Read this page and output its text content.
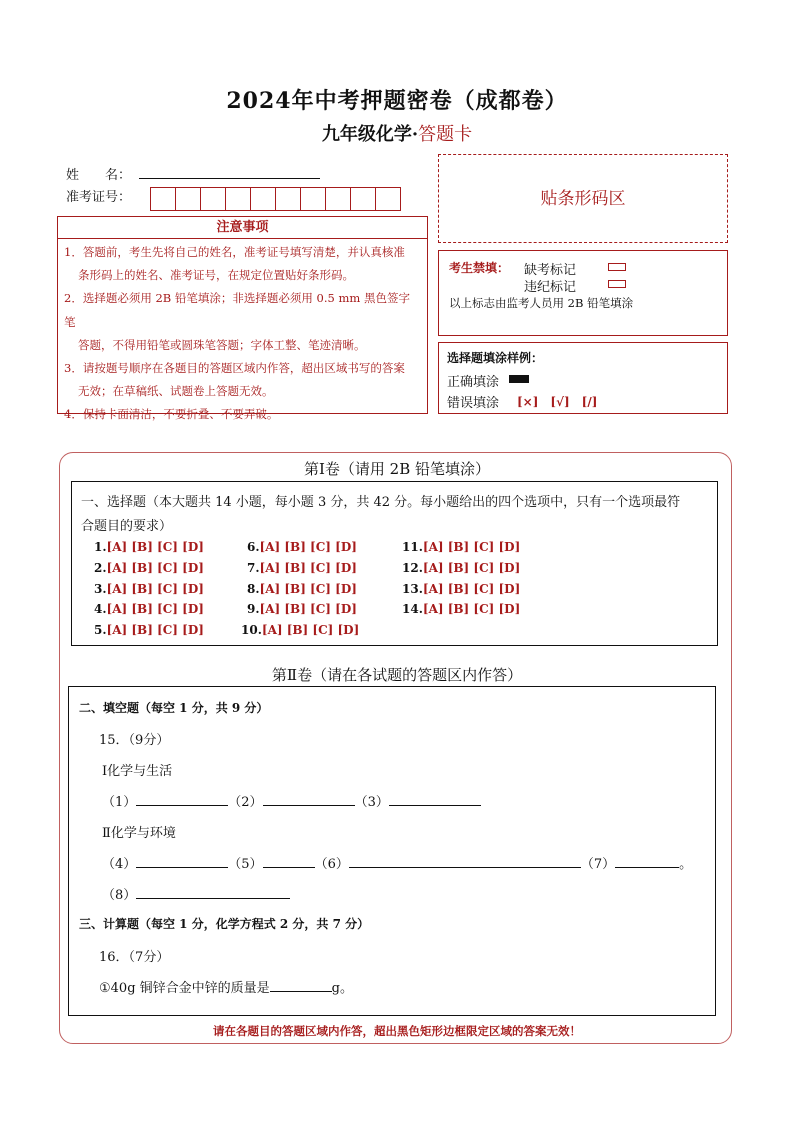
2024年中考押题密卷（成都卷）
九年级化学·答题卡
姓　　名：
准考证号：
注意事项
1．答题前，考生先将自己的姓名，准考证号填写清楚，并认真核准
条形码上的姓名、准考证号，在规定位置贴好条形码。
2．选择题必须用 2B 铅笔填涂；非选择题必须用 0.5 mm 黑色签字笔
答题，不得用铅笔或圆珠笔答题；字体工整、笔迹清晰。
3．请按题号顺序在各题目的答题区域内作答，超出区域书写的答案
无效；在草稿纸、试题卷上答题无效。
4．保持卡面清洁，不要折叠、不要弄破。
贴条形码区
考生禁填： 缺考标记
违纪标记
以上标志由监考人员用 2B 铅笔填涂
选择题填涂样例：
正确填涂
错误填涂 [×]　[√]　[/]
第Ⅰ卷（请用 2B 铅笔填涂）
一、选择题（本大题共 14 小题，每小题 3 分，共 42 分。每小题给出的四个选项中，只有一个选项最符
合题目的要求）
1.[A] [B] [C] [D]
2.[A] [B] [C] [D]
3.[A] [B] [C] [D]
4.[A] [B] [C] [D]
5.[A] [B] [C] [D]
6.[A] [B] [C] [D]
7.[A] [B] [C] [D]
8.[A] [B] [C] [D]
9.[A] [B] [C] [D]
10.[A] [B] [C] [D]
11.[A] [B] [C] [D]
12.[A] [B] [C] [D]
13.[A] [B] [C] [D]
14.[A] [B] [C] [D]
第Ⅱ卷（请在各试题的答题区内作答）
二、填空题（每空 1 分，共 9 分）
15．（9分）
Ⅰ化学与生活
（1）	（2）	（3）
Ⅱ化学与环境
（4）	（5）	（6）	（7）	。
（8）
三、计算题（每空 1 分，化学方程式 2 分，共 7 分）
16．（7分）
①40g 铜锌合金中锌的质量是	g。
请在各题目的答题区域内作答，超出黑色矩形边框限定区域的答案无效！
